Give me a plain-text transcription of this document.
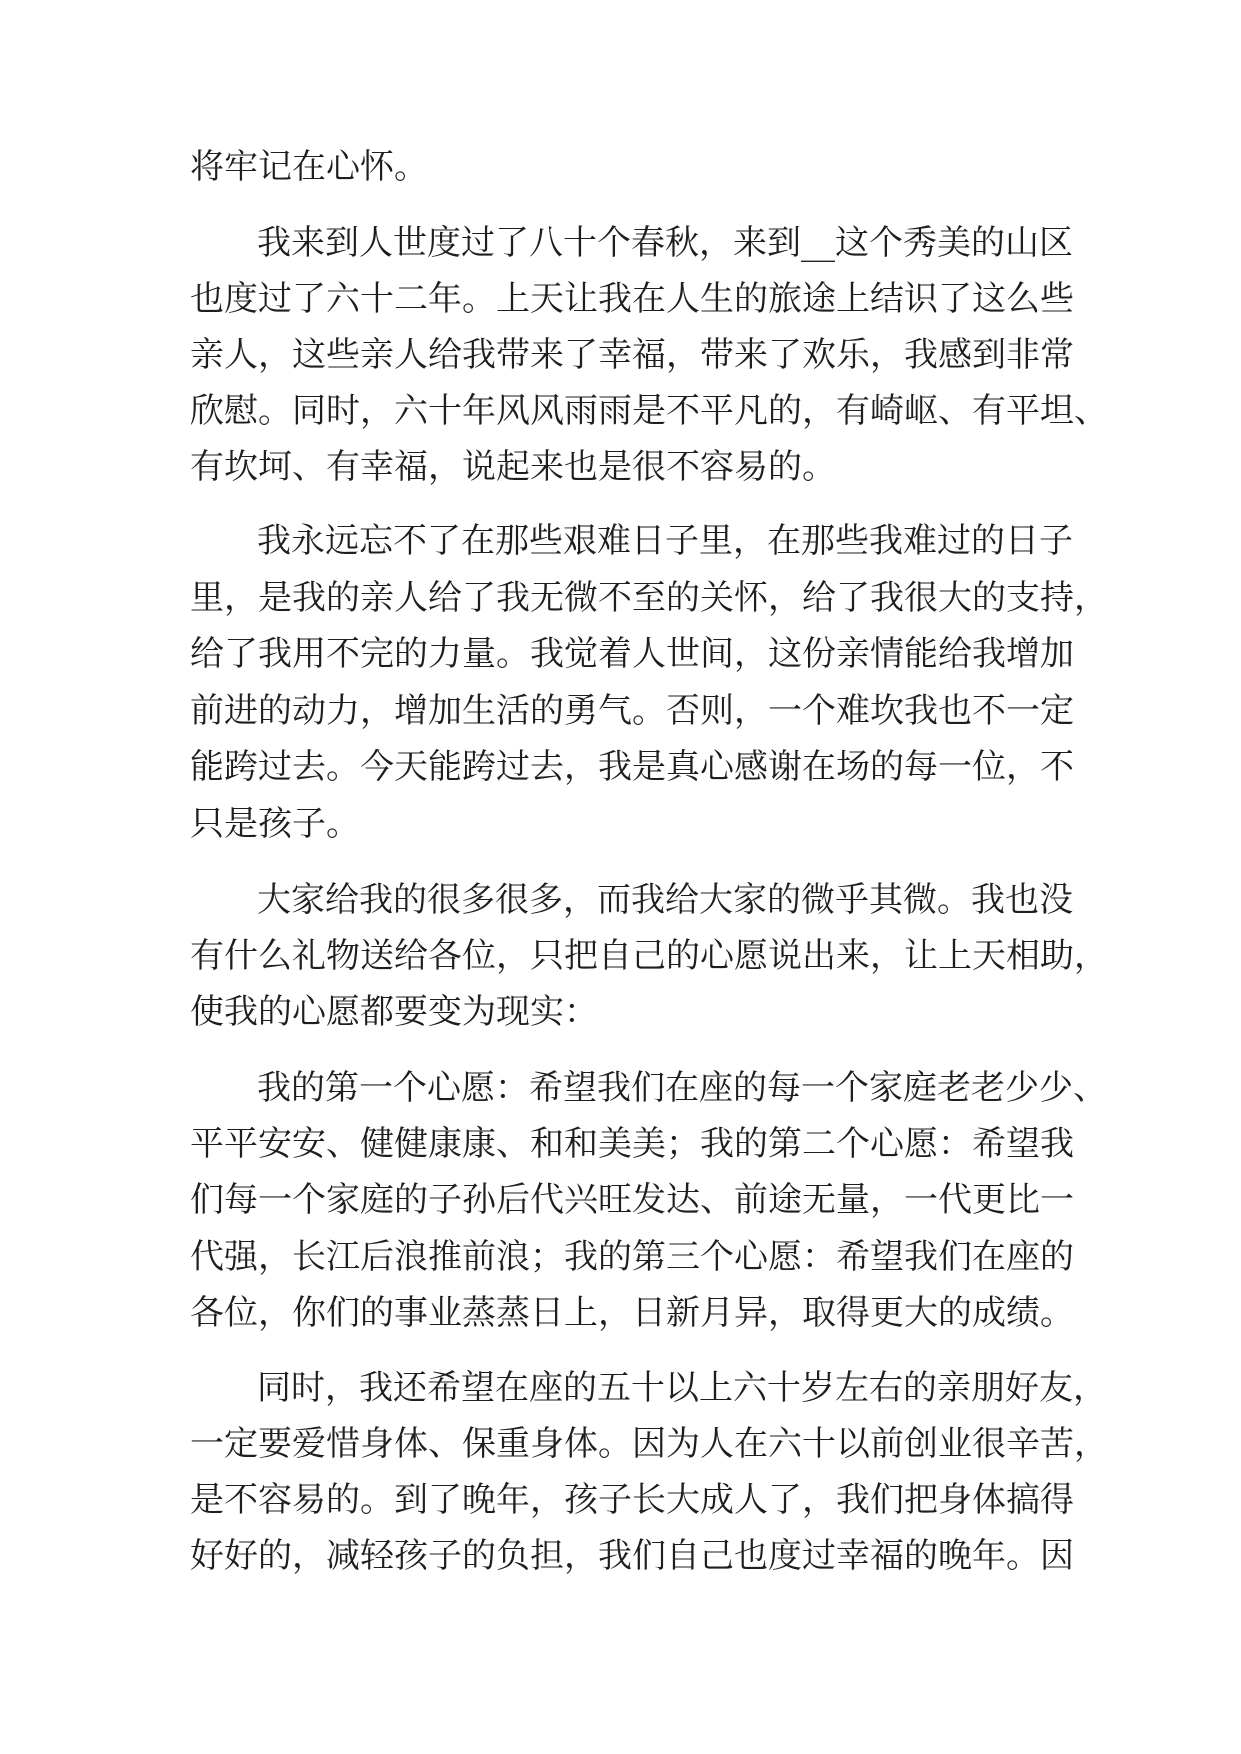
将牢记在心怀。

我来到人世度过了八十个春秋，来到__这个秀美的山区

也度过了六十二年。上天让我在人生的旅途上结识了这么些

亲人，这些亲人给我带来了幸福，带来了欢乐，我感到非常

欣慰。同时，六十年风风雨雨是不平凡的，有崎岖、有平坦、

有坎坷、有幸福，说起来也是很不容易的。

我永远忘不了在那些艰难日子里，在那些我难过的日子

里，是我的亲人给了我无微不至的关怀，给了我很大的支持，

给了我用不完的力量。我觉着人世间，这份亲情能给我增加

前进的动力，增加生活的勇气。否则，一个难坎我也不一定

能跨过去。今天能跨过去，我是真心感谢在场的每一位，不

只是孩子。

大家给我的很多很多，而我给大家的微乎其微。我也没

有什么礼物送给各位，只把自己的心愿说出来，让上天相助，

使我的心愿都要变为现实：

我的第一个心愿：希望我们在座的每一个家庭老老少少、

平平安安、健健康康、和和美美；我的第二个心愿：希望我

们每一个家庭的子孙后代兴旺发达、前途无量，一代更比一

代强，长江后浪推前浪；我的第三个心愿：希望我们在座的

各位，你们的事业蒸蒸日上，日新月异，取得更大的成绩。

同时，我还希望在座的五十以上六十岁左右的亲朋好友，

一定要爱惜身体、保重身体。因为人在六十以前创业很辛苦，

是不容易的。到了晚年，孩子长大成人了，我们把身体搞得

好好的，减轻孩子的负担，我们自己也度过幸福的晚年。因
